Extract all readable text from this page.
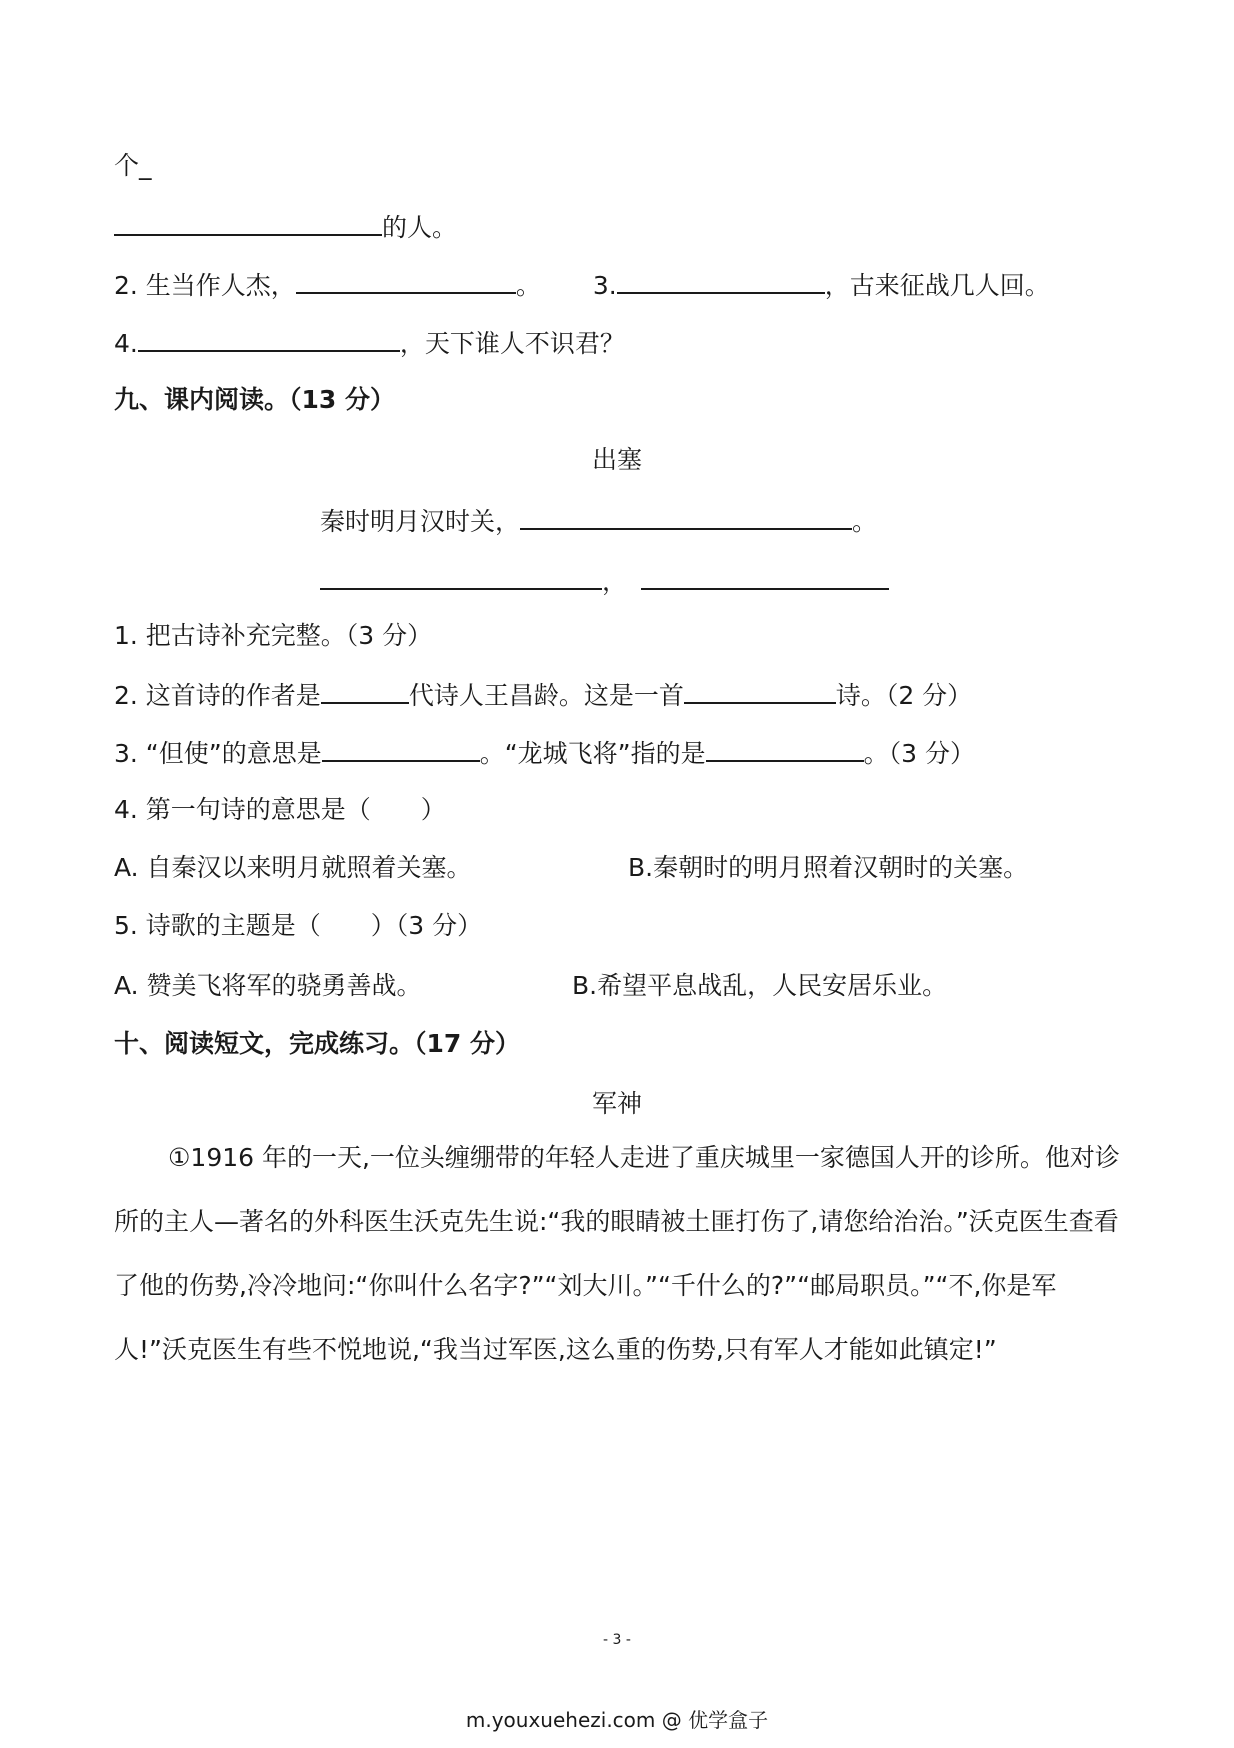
个_
的人。
2. 生当作人杰，	。 3.	，古来征战几人回。
4.	，天下谁人不识君？
九、课内阅读。（13 分）
出塞
秦时明月汉时关，	。
，
1. 把古诗补充完整。（3 分）
2. 这首诗的作者是	代诗人王昌龄。这是一首	诗。（2 分）
3. “但使”的意思是	。“龙城飞将”指的是	。（3 分）
4. 第一句诗的意思是（　　）
A. 自秦汉以来明月就照着关塞。	B.秦朝时的明月照着汉朝时的关塞。
5. 诗歌的主题是（　　）（3 分）
A. 赞美飞将军的骁勇善战。	B.希望平息战乱，人民安居乐业。
十、阅读短文，完成练习。（17 分）
军神
①1916 年的一天,一位头缠绷带的年轻人走进了重庆城里一家德国人开的诊所。他对诊所的主人—著名的外科医生沃克先生说:“我的眼睛被土匪打伤了,请您给治治。”沃克医生查看了他的伤势,冷冷地问:“你叫什么名字?”“刘大川。”“千什么的?”“邮局职员。”“不,你是军人!”沃克医生有些不悦地说,“我当过军医,这么重的伤势,只有军人才能如此镇定!”
- 3 -
m.youxuehezi.com @ 优学盒子
